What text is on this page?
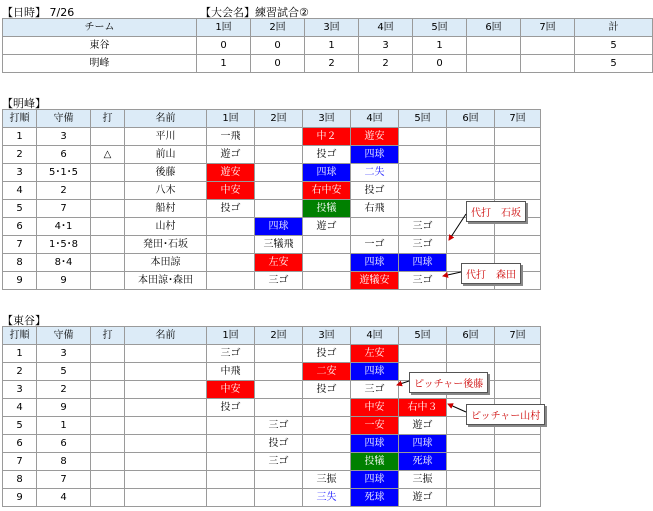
【日時】 7/26	【大会名】練習試合②
チーム	1回	2回	3回	4回	5回	6回	7回	計
東谷	0	0	1	3	1			5
明峰	1	0	2	2	0			5
【明峰】
打順	守備	打	名前	1回	2回	3回	4回	5回	6回	7回
1	3		平川	一飛		中２	遊安			
2	6	△	前山	遊ゴ		投ゴ	四球			
3	5･1･5		後藤	遊安		四球	二失			
4	2		八木	中安		右中安	投ゴ			
5	7		船村	投ゴ		投犠	右飛			
6	4･1		山村		四球	遊ゴ		三ゴ		
7	1･5･8		発田･石坂		三犠飛		一ゴ	三ゴ		
8	8･4		本田諒		左安		四球	四球		
9	9		本田諒･森田		三ゴ		遊犠安	三ゴ		
【東谷】
打順	守備	打	名前	1回	2回	3回	4回	5回	6回	7回
1	3			三ゴ		投ゴ	左安			
2	5			中飛		二安	四球			
3	2			中安		投ゴ	三ゴ			
4	9			投ゴ			中安	右中３		
5	1				三ゴ		一安	遊ゴ		
6	6				投ゴ		四球	四球		
7	8				三ゴ		投犠	死球		
8	7					三振	四球	三振		
9	4					三失	死球	遊ゴ		
代打　石坂
代打　森田
ピッチャー後藤
ピッチャー山村
